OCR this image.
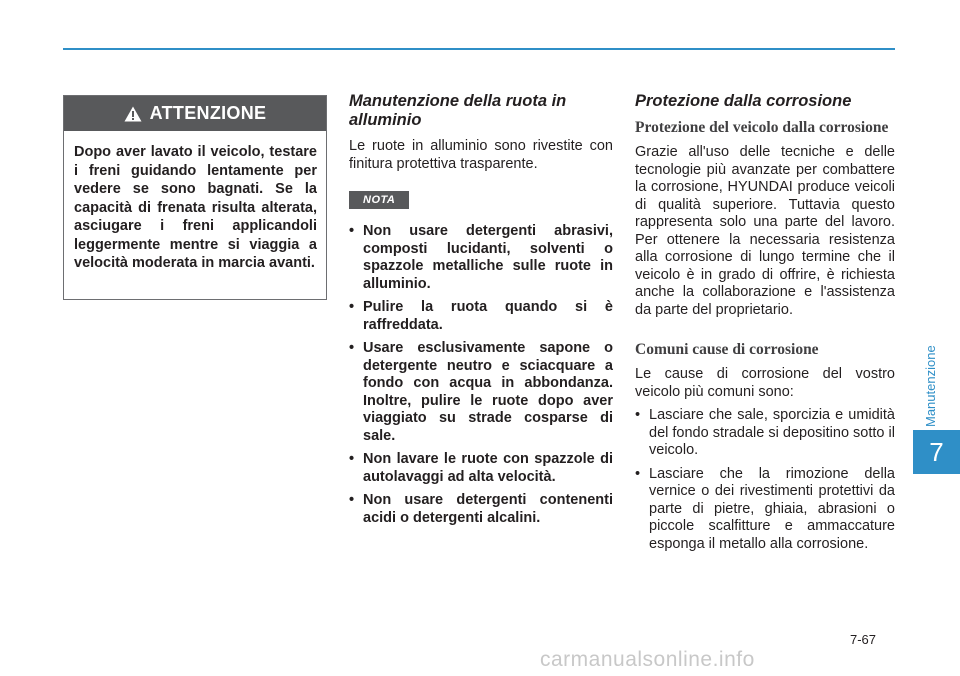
ATTENZIONE

Dopo aver lavato il veicolo, testare i freni guidando lentamente per vedere se sono bagnati. Se la capacità di frenata risulta alterata, asciugare i freni applicandoli leggermente mentre si viaggia a velocità moderata in marcia avanti.

Manutenzione della ruota in alluminio

Le ruote in alluminio sono rivestite con finitura protettiva trasparente.

NOTA
• Non usare detergenti abrasivi, composti lucidanti, solventi o spazzole metalliche sulle ruote in alluminio.
• Pulire la ruota quando si è raffreddata.
• Usare esclusivamente sapone o detergente neutro e sciacquare a fondo con acqua in abbondanza. Inoltre, pulire le ruote dopo aver viaggiato su strade cosparse di sale.
• Non lavare le ruote con spazzole di autolavaggi ad alta velocità.
• Non usare detergenti contenenti acidi o detergenti alcalini.
Protezione dalla corrosione
Protezione del veicolo dalla corrosione

Grazie all'uso delle tecniche e delle tecnologie più avanzate per combattere la corrosione, HYUNDAI produce veicoli di qualità superiore. Tuttavia questo rappresenta solo una parte del lavoro. Per ottenere la necessaria resistenza alla corrosione di lungo termine che il veicolo è in grado di offrire, è richiesta anche la collaborazione e l'assistenza da parte del proprietario.

Comuni cause di corrosione

Le cause di corrosione del vostro veicolo più comuni sono:

• Lasciare che sale, sporcizia e umidità del fondo stradale si depositino sotto il veicolo.
• Lasciare che la rimozione della vernice o dei rivestimenti protettivi da parte di pietre, ghiaia, abrasioni o piccole scalfitture e ammaccature esponga il metallo alla corrosione.
Manutenzione
7
7-67
carmanualsonline.info
